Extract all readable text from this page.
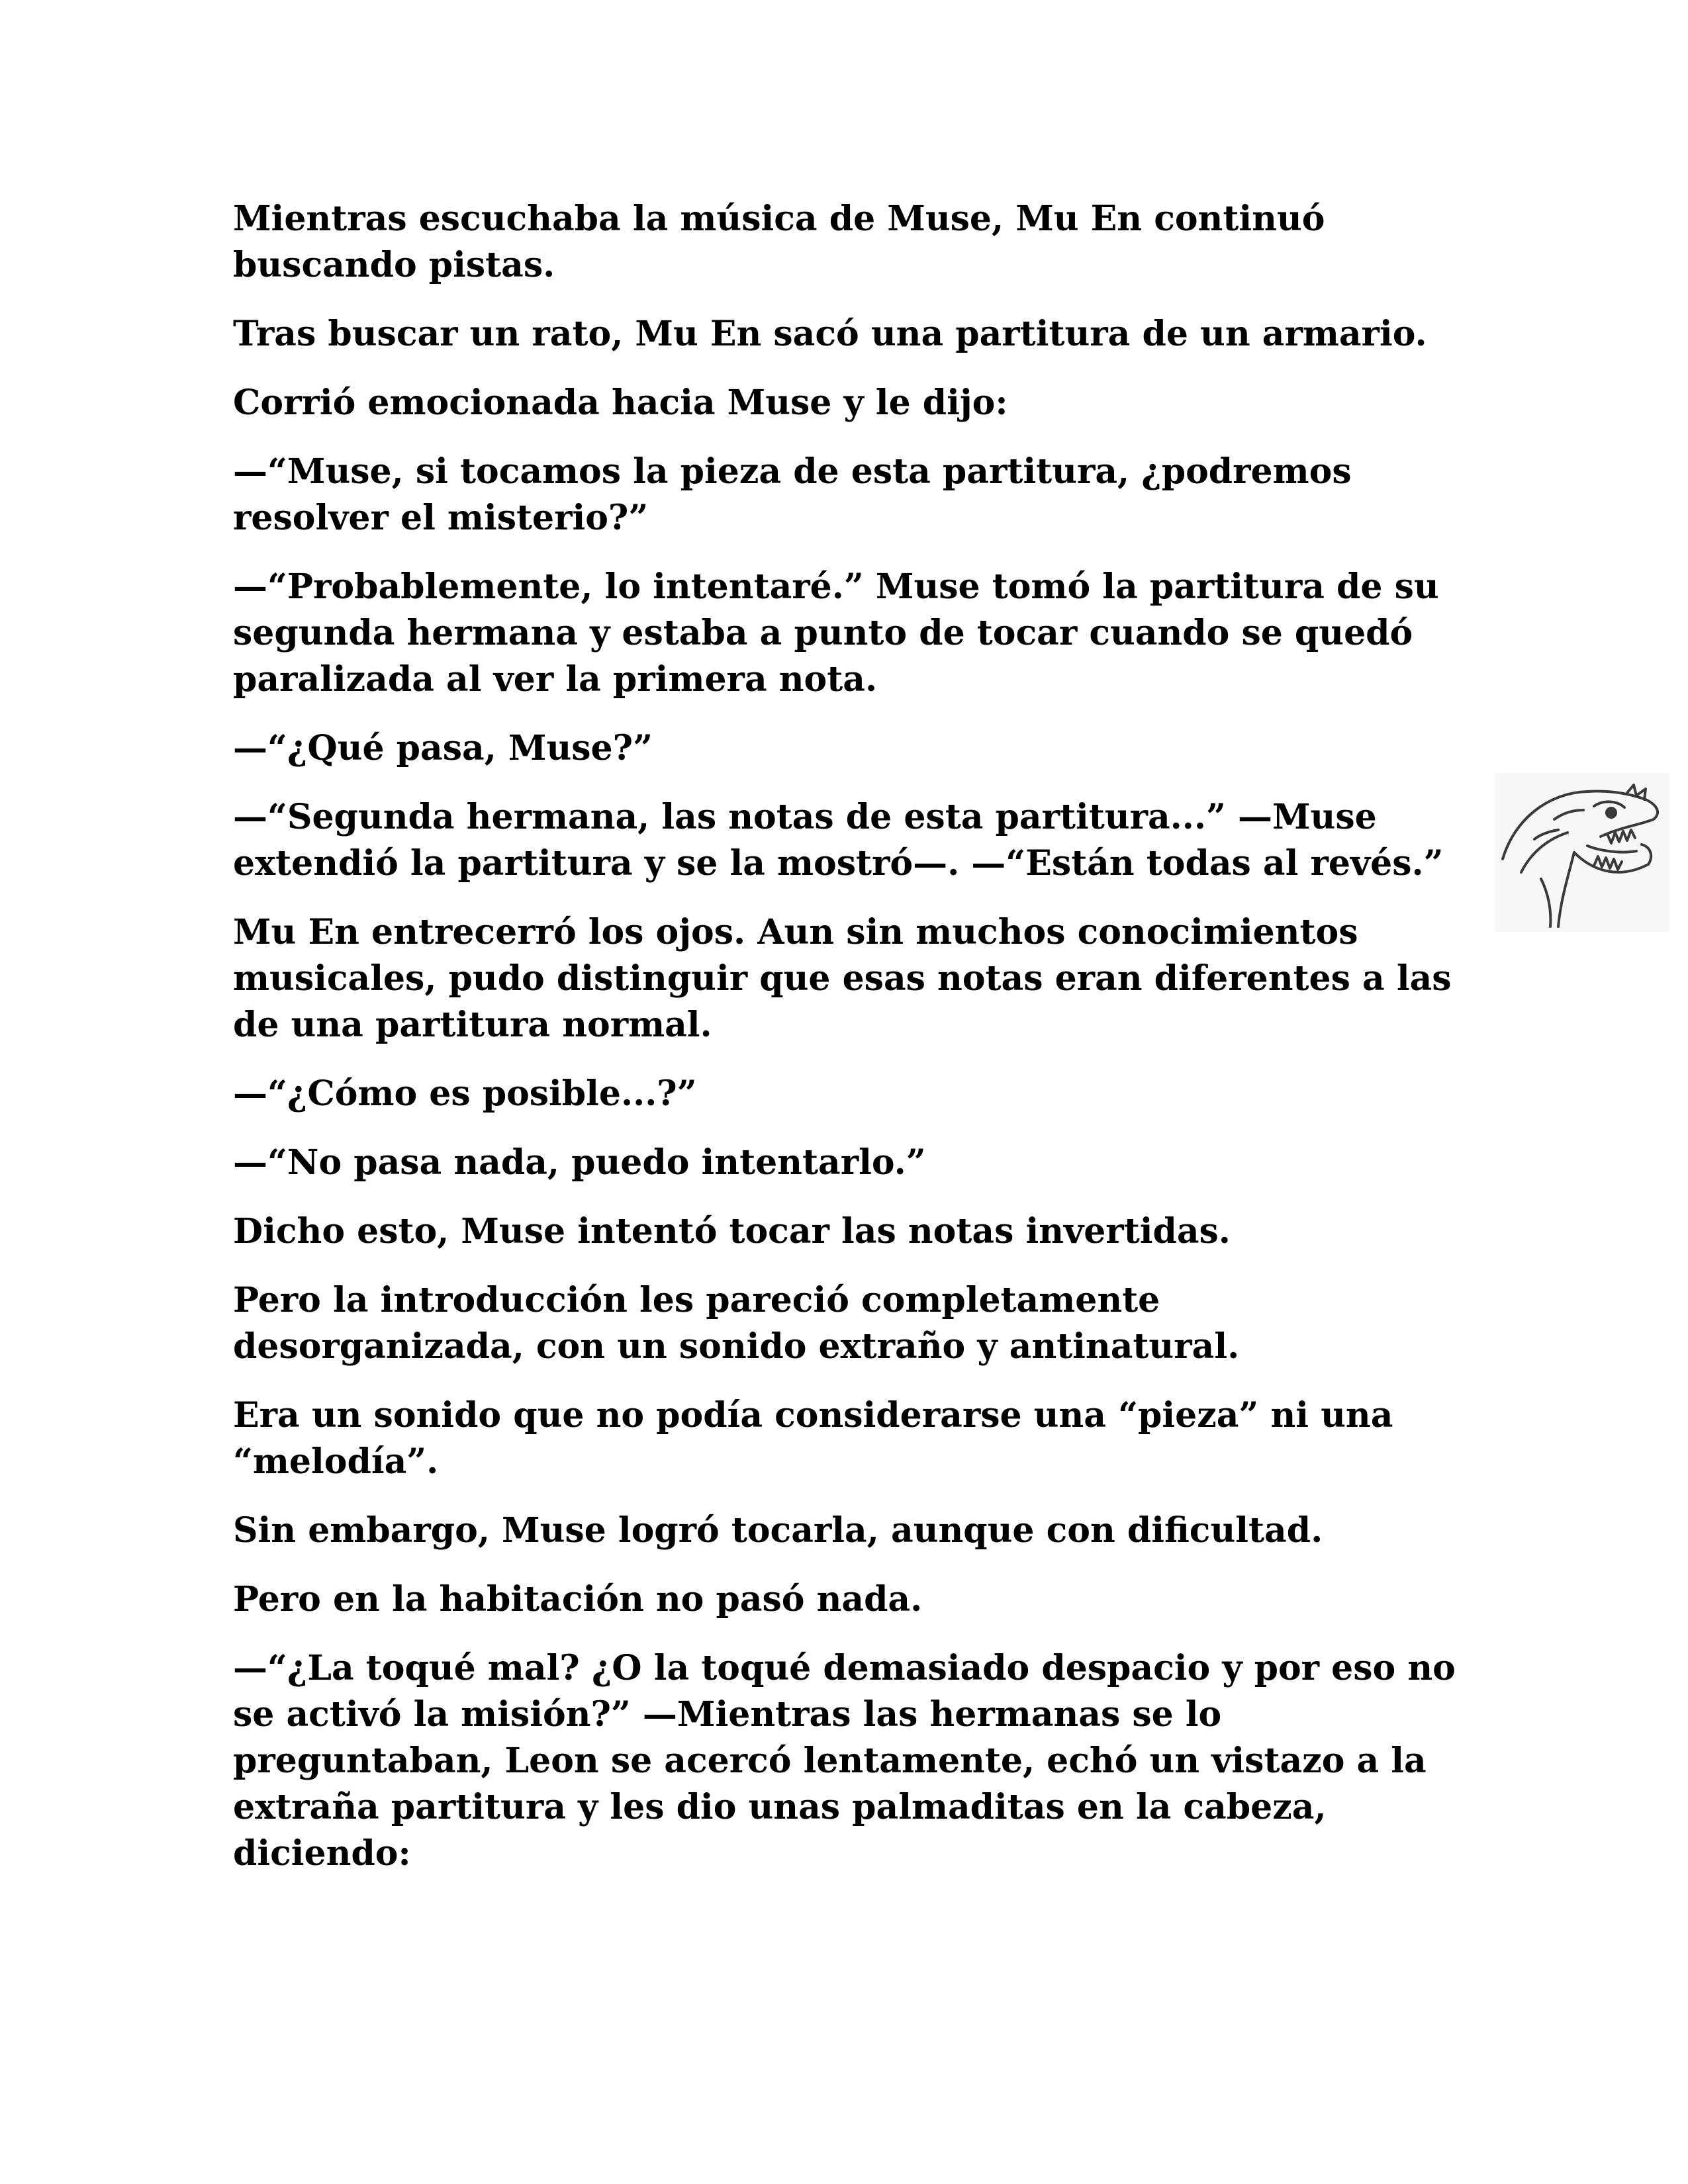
Mientras escuchaba la música de Muse, Mu En continuó buscando pistas.

Tras buscar un rato, Mu En sacó una partitura de un armario.

Corrió emocionada hacia Muse y le dijo:

—“Muse, si tocamos la pieza de esta partitura, ¿podremos resolver el misterio?”

—“Probablemente, lo intentaré.” Muse tomó la partitura de su segunda hermana y estaba a punto de tocar cuando se quedó paralizada al ver la primera nota.

—“¿Qué pasa, Muse?”

—“Segunda hermana, las notas de esta partitura...” —Muse extendió la partitura y se la mostró—. —“Están todas al revés.”

Mu En entrecerró los ojos. Aun sin muchos conocimientos musicales, pudo distinguir que esas notas eran diferentes a las de una partitura normal.

—“¿Cómo es posible...?”

—“No pasa nada, puedo intentarlo.”

Dicho esto, Muse intentó tocar las notas invertidas.

Pero la introducción les pareció completamente desorganizada, con un sonido extraño y antinatural.

Era un sonido que no podía considerarse una “pieza” ni una “melodía”.

Sin embargo, Muse logró tocarla, aunque con dificultad.

Pero en la habitación no pasó nada.

—“¿La toqué mal? ¿O la toqué demasiado despacio y por eso no se activó la misión?” —Mientras las hermanas se lo preguntaban, Leon se acercó lentamente, echó un vistazo a la extraña partitura y les dio unas palmaditas en la cabeza, diciendo:
